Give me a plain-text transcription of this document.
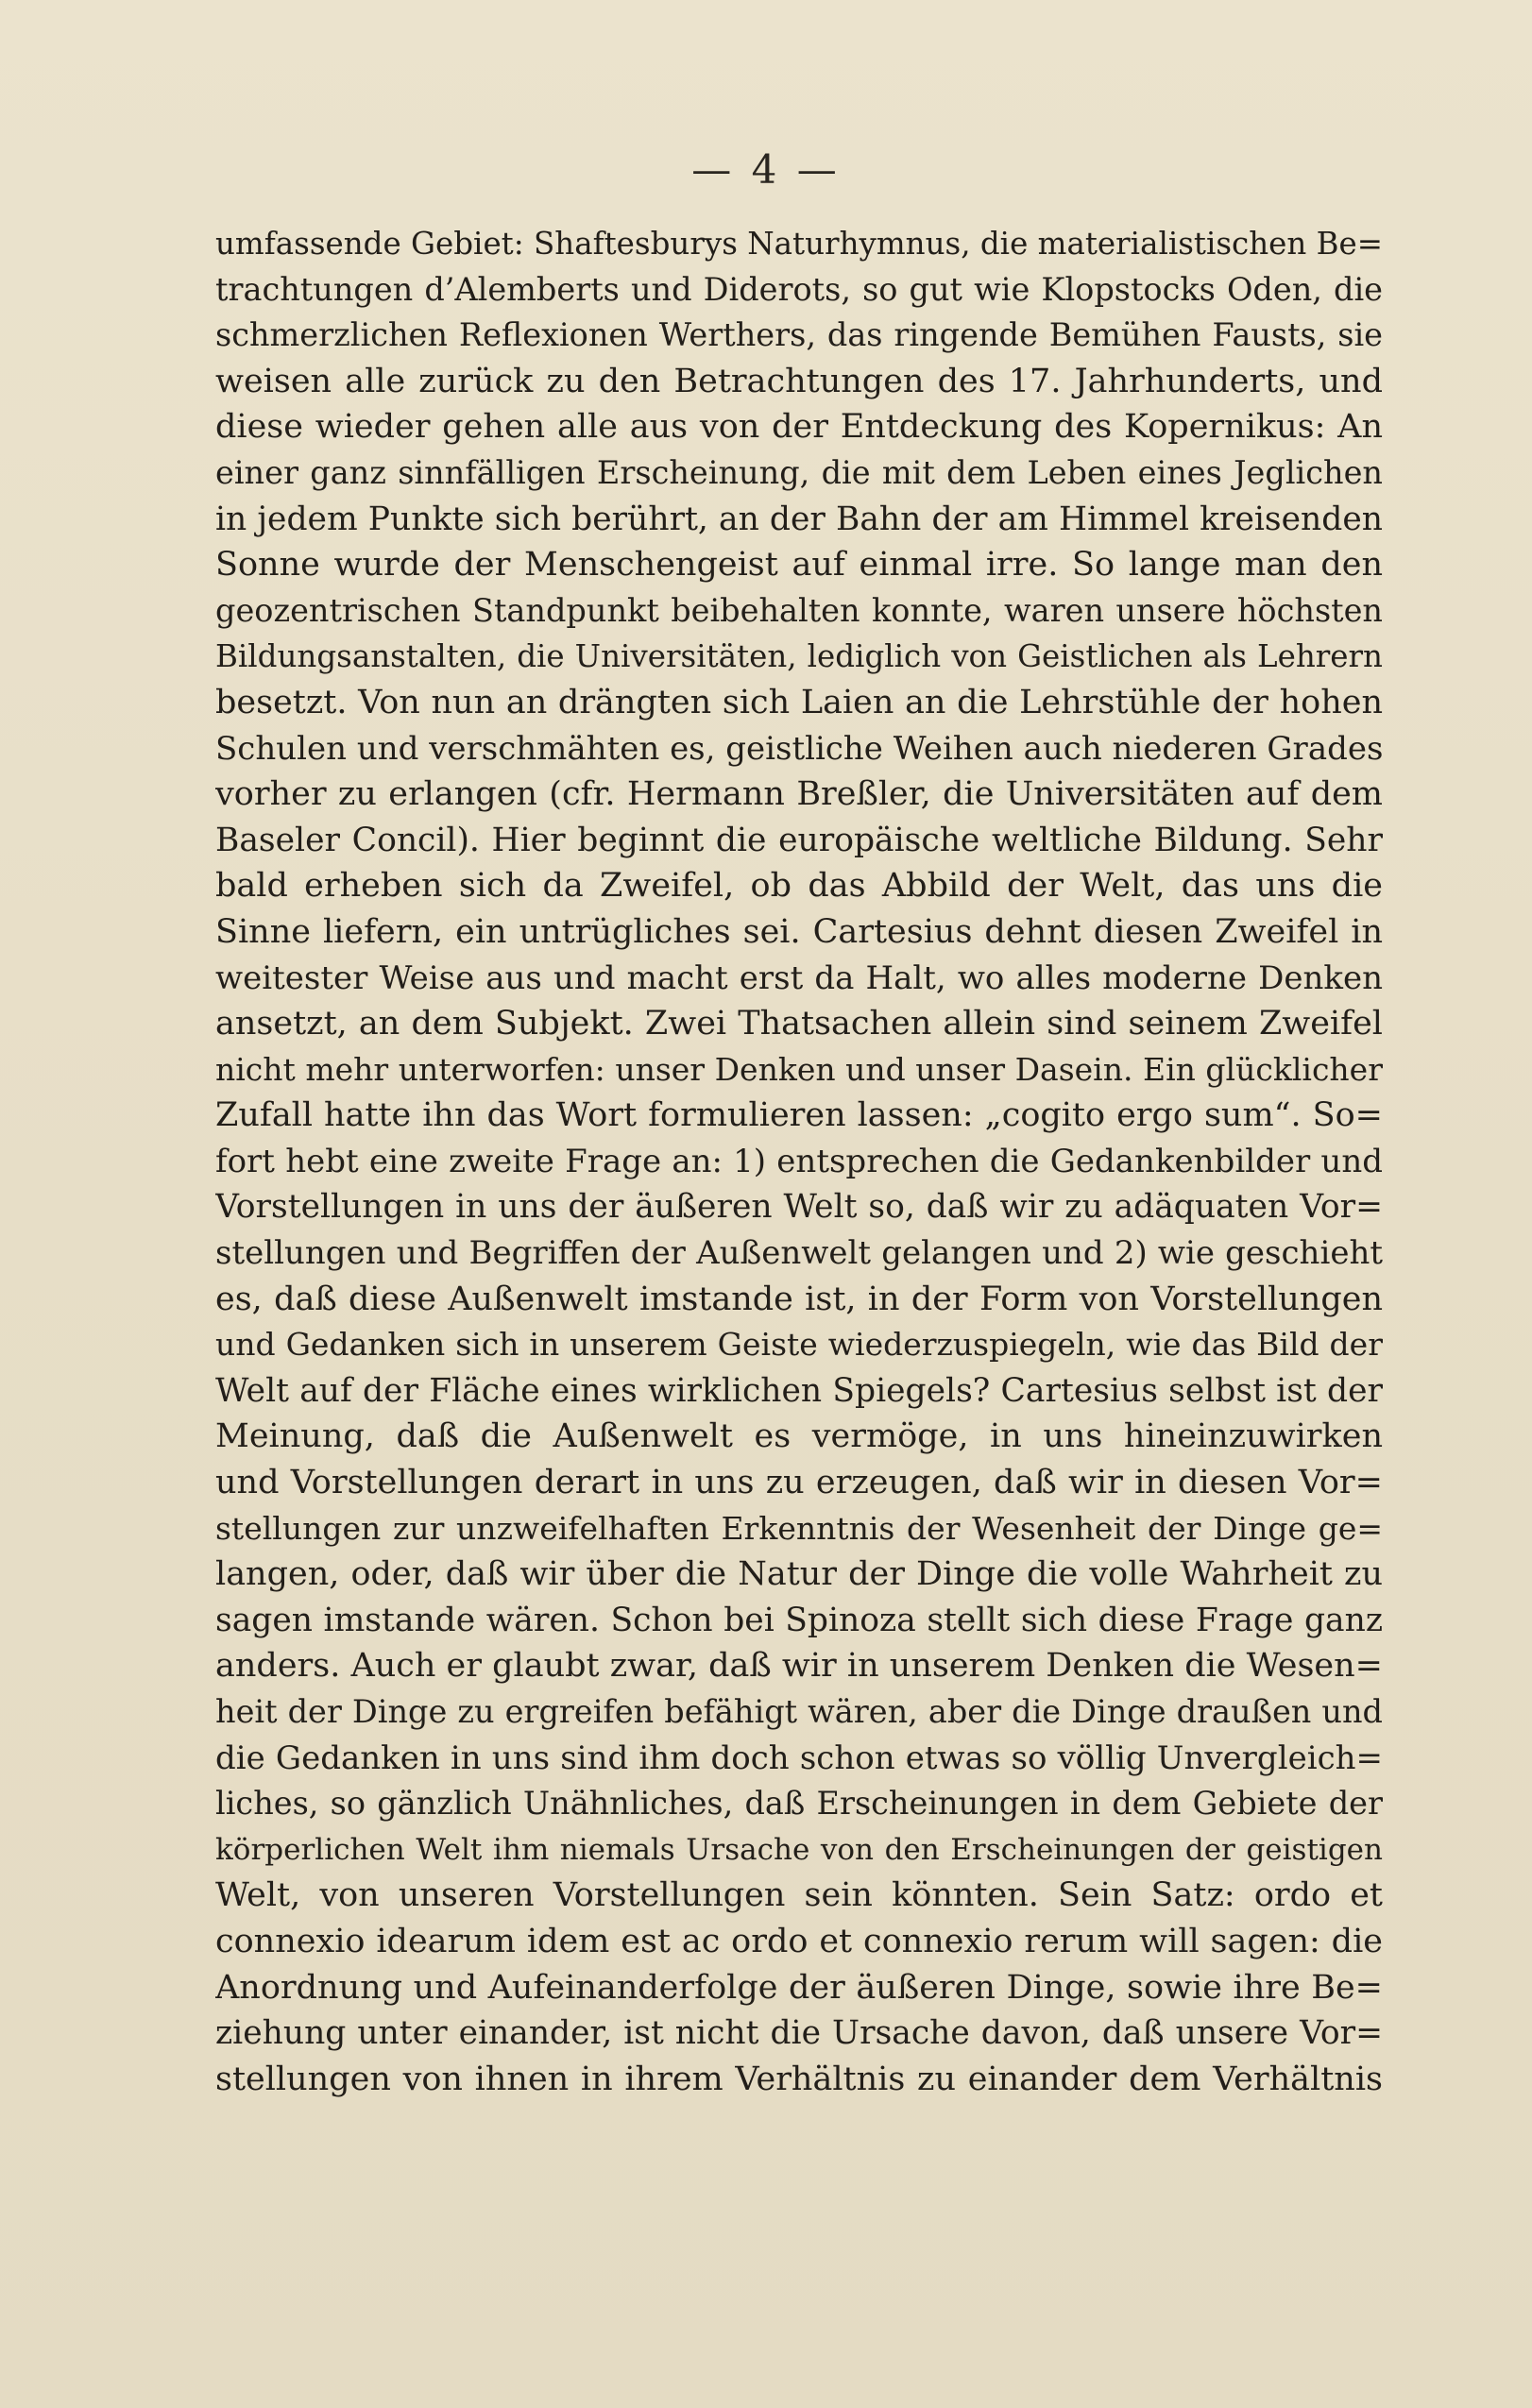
— 4 —
umfassende Gebiet: Shaftesburys Naturhymnus, die materialistischen Be=
trachtungen d’Alemberts und Diderots, so gut wie Klopstocks Oden, die
schmerzlichen Reflexionen Werthers, das ringende Bemühen Fausts, sie
weisen alle zurück zu den Betrachtungen des 17. Jahrhunderts, und
diese wieder gehen alle aus von der Entdeckung des Kopernikus: An
einer ganz sinnfälligen Erscheinung, die mit dem Leben eines Jeglichen
in jedem Punkte sich berührt, an der Bahn der am Himmel kreisenden
Sonne wurde der Menschengeist auf einmal irre. So lange man den
geozentrischen Standpunkt beibehalten konnte, waren unsere höchsten
Bildungsanstalten, die Universitäten, lediglich von Geistlichen als Lehrern
besetzt. Von nun an drängten sich Laien an die Lehrstühle der hohen
Schulen und verschmähten es, geistliche Weihen auch niederen Grades
vorher zu erlangen (cfr. Hermann Breßler, die Universitäten auf dem
Baseler Concil). Hier beginnt die europäische weltliche Bildung. Sehr
bald erheben sich da Zweifel, ob das Abbild der Welt, das uns die
Sinne liefern, ein untrügliches sei. Cartesius dehnt diesen Zweifel in
weitester Weise aus und macht erst da Halt, wo alles moderne Denken
ansetzt, an dem Subjekt. Zwei Thatsachen allein sind seinem Zweifel
nicht mehr unterworfen: unser Denken und unser Dasein. Ein glücklicher
Zufall hatte ihn das Wort formulieren lassen: „cogito ergo sum“. So=
fort hebt eine zweite Frage an: 1) entsprechen die Gedankenbilder und
Vorstellungen in uns der äußeren Welt so, daß wir zu adäquaten Vor=
stellungen und Begriffen der Außenwelt gelangen und 2) wie geschieht
es, daß diese Außenwelt imstande ist, in der Form von Vorstellungen
und Gedanken sich in unserem Geiste wiederzuspiegeln, wie das Bild der
Welt auf der Fläche eines wirklichen Spiegels? Cartesius selbst ist der
Meinung, daß die Außenwelt es vermöge, in uns hineinzuwirken
und Vorstellungen derart in uns zu erzeugen, daß wir in diesen Vor=
stellungen zur unzweifelhaften Erkenntnis der Wesenheit der Dinge ge=
langen, oder, daß wir über die Natur der Dinge die volle Wahrheit zu
sagen imstande wären. Schon bei Spinoza stellt sich diese Frage ganz
anders. Auch er glaubt zwar, daß wir in unserem Denken die Wesen=
heit der Dinge zu ergreifen befähigt wären, aber die Dinge draußen und
die Gedanken in uns sind ihm doch schon etwas so völlig Unvergleich=
liches, so gänzlich Unähnliches, daß Erscheinungen in dem Gebiete der
körperlichen Welt ihm niemals Ursache von den Erscheinungen der geistigen
Welt, von unseren Vorstellungen sein könnten. Sein Satz: ordo et
connexio idearum idem est ac ordo et connexio rerum will sagen: die
Anordnung und Aufeinanderfolge der äußeren Dinge, sowie ihre Be=
ziehung unter einander, ist nicht die Ursache davon, daß unsere Vor=
stellungen von ihnen in ihrem Verhältnis zu einander dem Verhältnis
